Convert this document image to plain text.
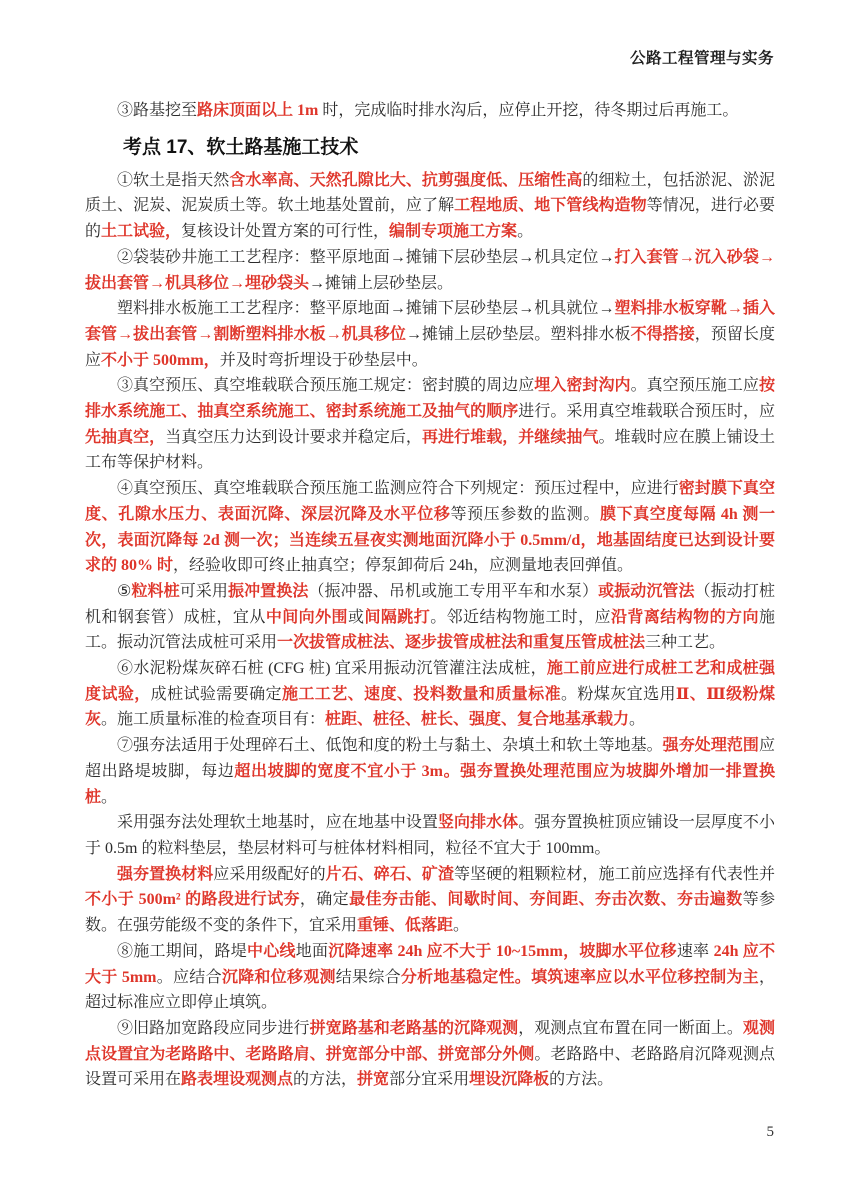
公路工程管理与实务

③路基挖至路床顶面以上 1m 时，完成临时排水沟后，应停止开挖，待冬期过后再施工。

考点 17、软土路基施工技术

①软土是指天然含水率高、天然孔隙比大、抗剪强度低、压缩性高的细粒土，包括淤泥、淤泥质土、泥炭、泥炭质土等。软土地基处置前，应了解工程地质、地下管线构造物等情况，进行必要的土工试验，复核设计处置方案的可行性，编制专项施工方案。

②袋装砂井施工工艺程序：整平原地面→摊铺下层砂垫层→机具定位→打入套管→沉入砂袋→拔出套管→机具移位→埋砂袋头→摊铺上层砂垫层。

塑料排水板施工工艺程序：整平原地面→摊铺下层砂垫层→机具就位→塑料排水板穿靴→插入套管→拔出套管→割断塑料排水板→机具移位→摊铺上层砂垫层。塑料排水板不得搭接，预留长度应不小于 500mm，并及时弯折埋设于砂垫层中。

③真空预压、真空堆载联合预压施工规定：密封膜的周边应埋入密封沟内。真空预压施工应按排水系统施工、抽真空系统施工、密封系统施工及抽气的顺序进行。采用真空堆载联合预压时，应先抽真空，当真空压力达到设计要求并稳定后，再进行堆载，并继续抽气。堆载时应在膜上铺设土工布等保护材料。

④真空预压、真空堆载联合预压施工监测应符合下列规定：预压过程中，应进行密封膜下真空度、孔隙水压力、表面沉降、深层沉降及水平位移等预压参数的监测。膜下真空度每隔 4h 测一次，表面沉降每 2d 测一次；当连续五昼夜实测地面沉降小于 0.5mm/d，地基固结度已达到设计要求的 80% 时，经验收即可终止抽真空；停泵卸荷后 24h，应测量地表回弹值。

⑤粒料桩可采用振冲置换法（振冲器、吊机或施工专用平车和水泵）或振动沉管法（振动打桩机和钢套管）成桩，宜从中间向外围或间隔跳打。邻近结构物施工时，应沿背离结构物的方向施工。振动沉管法成桩可采用一次拔管成桩法、逐步拔管成桩法和重复压管成桩法三种工艺。

⑥水泥粉煤灰碎石桩 (CFG 桩) 宜采用振动沉管灌注法成桩，施工前应进行成桩工艺和成桩强度试验，成桩试验需要确定施工工艺、速度、投料数量和质量标准。粉煤灰宜选用Ⅱ、Ⅲ级粉煤灰。施工质量标准的检查项目有：桩距、桩径、桩长、强度、复合地基承载力。

⑦强夯法适用于处理碎石土、低饱和度的粉土与黏土、杂填土和软土等地基。强夯处理范围应超出路堤坡脚，每边超出坡脚的宽度不宜小于 3m。强夯置换处理范围应为坡脚外增加一排置换桩。

采用强夯法处理软土地基时，应在地基中设置竖向排水体。强夯置换桩顶应铺设一层厚度不小于 0.5m 的粒料垫层，垫层材料可与桩体材料相同，粒径不宜大于 100mm。

强夯置换材料应采用级配好的片石、碎石、矿渣等坚硬的粗颗粒材，施工前应选择有代表性并不小于 500m² 的路段进行试夯，确定最佳夯击能、间歇时间、夯间距、夯击次数、夯击遍数等参数。在强劳能级不变的条件下，宜采用重锤、低落距。

⑧施工期间，路堤中心线地面沉降速率 24h 应不大于 10~15mm，坡脚水平位移速率 24h 应不大于 5mm。应结合沉降和位移观测结果综合分析地基稳定性。填筑速率应以水平位移控制为主，超过标准应立即停止填筑。

⑨旧路加宽路段应同步进行拼宽路基和老路基的沉降观测，观测点宜布置在同一断面上。观测点设置宜为老路路中、老路路肩、拼宽部分中部、拼宽部分外侧。老路路中、老路路肩沉降观测点设置可采用在路表埋设观测点的方法，拼宽部分宜采用埋设沉降板的方法。

5
